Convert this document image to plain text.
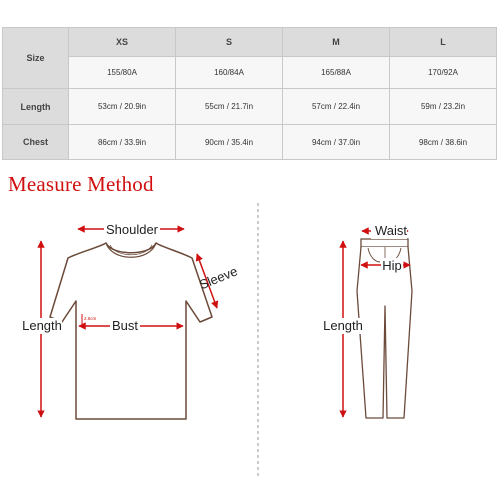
Size	XS	S	M	L
	155/80A	160/84A	165/88A	170/92A
Length	53cm / 20.9in	55cm / 21.7in	57cm / 22.4in	59m / 23.2in
Chest	86cm / 33.9in	90cm / 35.4in	94cm / 37.0in	98cm / 38.6in
Measure Method
Shoulder
Sleeve
Bust
2.5cm
Length
Waist
Hip
Length
